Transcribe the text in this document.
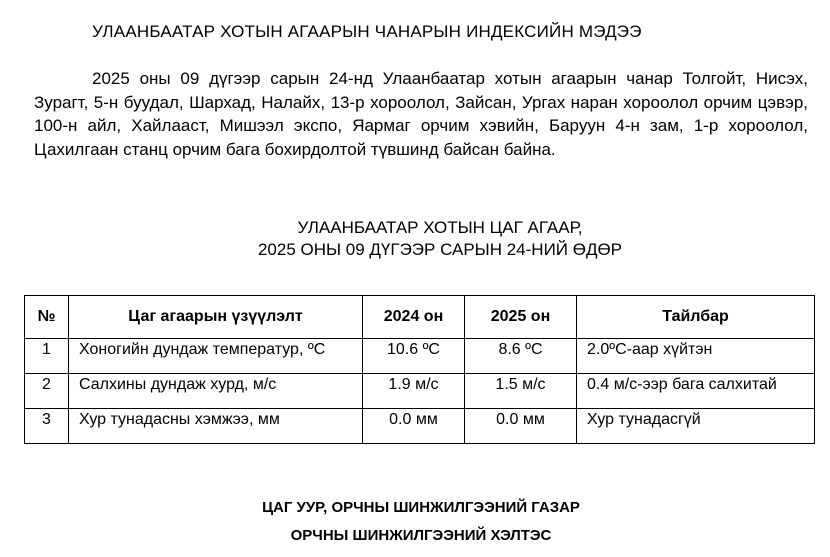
УЛААНБААТАР ХОТЫН АГААРЫН ЧАНАРЫН ИНДЕКСИЙН МЭДЭЭ

2025 оны 09 дүгээр сарын 24-нд Улаанбаатар хотын агаарын чанар Толгойт, Нисэх, Зурагт, 5-н буудал, Шархад, Налайх, 13-р хороолол, Зайсан, Ургах наран хороолол орчим цэвэр, 100-н айл, Хайлааст, Мишээл экспо, Яармаг орчим хэвийн, Баруун 4-н зам, 1-р хороолол, Цахилгаан станц орчим бага бохирдолтой түвшинд байсан байна.

УЛААНБААТАР ХОТЫН ЦАГ АГААР,
2025 ОНЫ 09 ДҮГЭЭР САРЫН 24-НИЙ ӨДӨР
№	Цаг агаарын үзүүлэлт	2024 он	2025 он	Тайлбар
1	Хоногийн дундаж температур, ºС	10.6 ºС	8.6 ºС	2.0ºС-аар хүйтэн
2	Салхины дундаж хурд, м/с	1.9 м/с	1.5 м/с	0.4 м/с-ээр бага салхитай
3	Хур тунадасны хэмжээ, мм	0.0 мм	0.0 мм	Хур тунадасгүй
ЦАГ УУР, ОРЧНЫ ШИНЖИЛГЭЭНИЙ ГАЗАР
ОРЧНЫ ШИНЖИЛГЭЭНИЙ ХЭЛТЭС
